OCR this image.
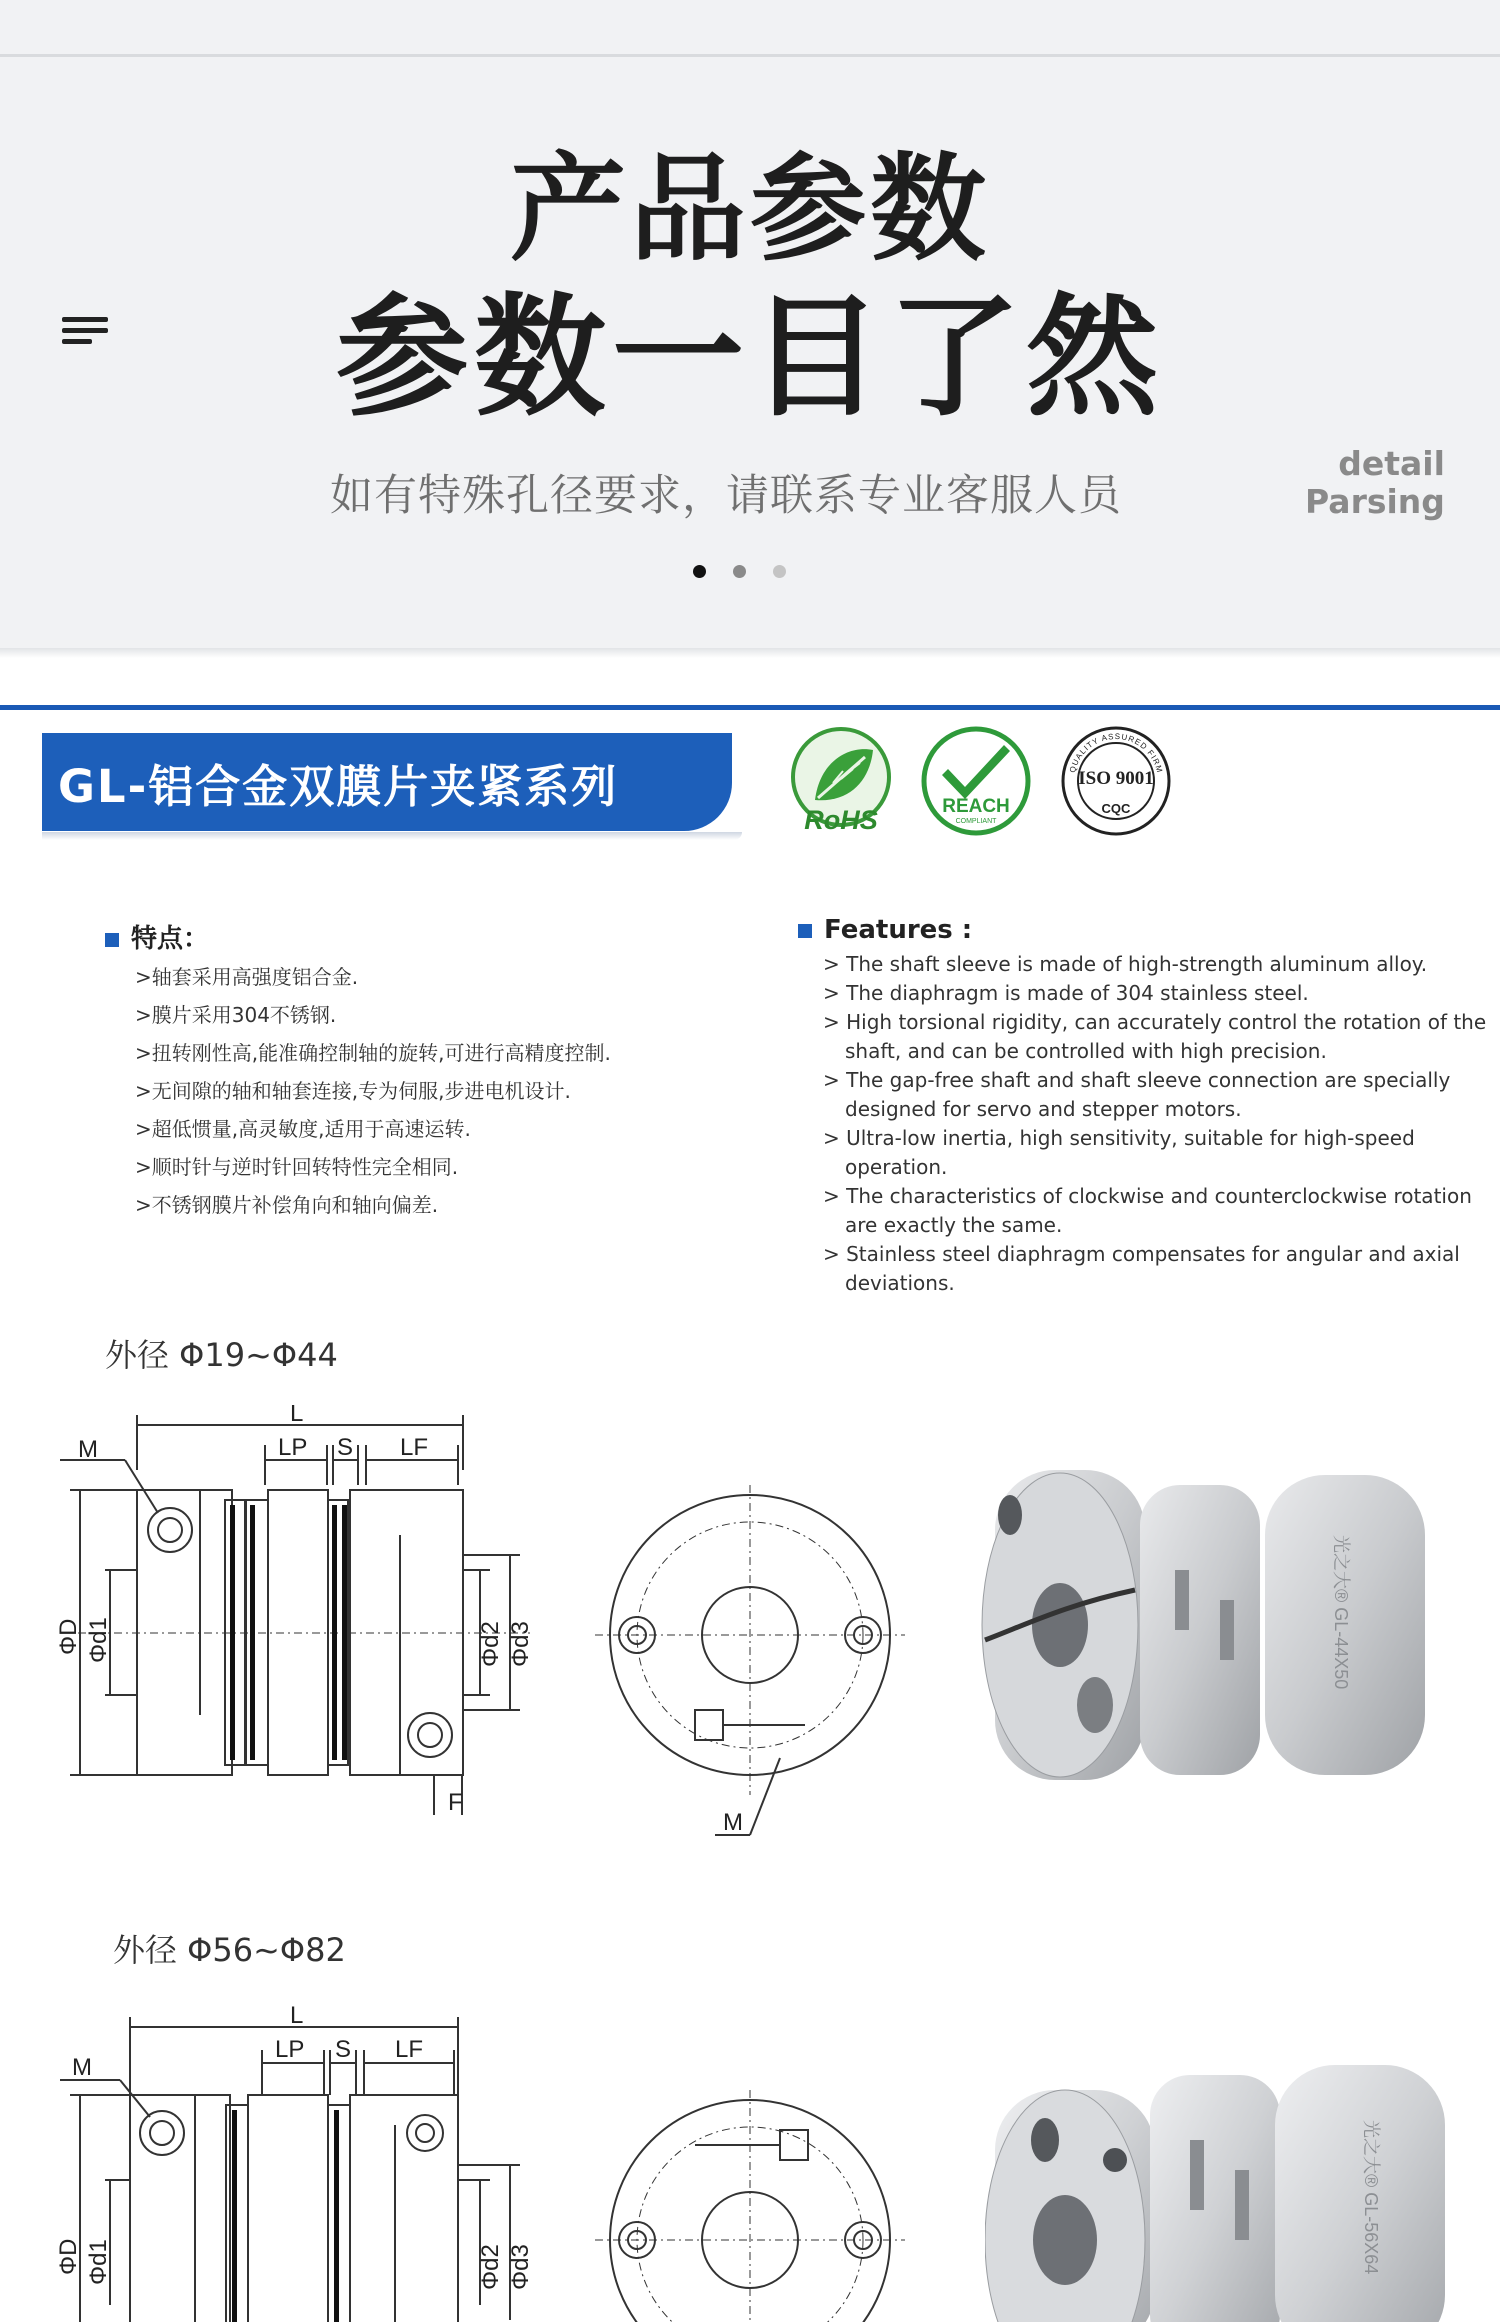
产品参数
参数一目了然
如有特殊孔径要求，请联系专业客服人员
detail
Parsing
GL-铝合金双膜片夹紧系列
RoHS	REACH
COMPLIANT
QUALITY ASSURED FIRM
ISO 9001
CQC
特点：
>轴套采用高强度铝合金.
>膜片采用304不锈钢.
>扭转刚性高,能准确控制轴的旋转,可进行高精度控制.
>无间隙的轴和轴套连接,专为伺服,步进电机设计.
>超低惯量,高灵敏度,适用于高速运转.
>顺时针与逆时针回转特性完全相同.
>不锈钢膜片补偿角向和轴向偏差.
Features :
> The shaft sleeve is made of high-strength aluminum alloy.
> The diaphragm is made of 304 stainless steel.
> High torsional rigidity, can accurately control the rotation of the shaft, and can be controlled with high precision.
> The gap-free shaft and shaft sleeve connection are specially designed for servo and stepper motors.
> Ultra-low inertia, high sensitivity, suitable for high-speed operation.
> The characteristics of clockwise and counterclockwise rotation are exactly the same.
> Stainless steel diaphragm compensates for angular and axial deviations.
外径 Φ19~Φ44
L
LP S LF
M
F
ΦD Φd1	Φd2 Φd3
M
光之大® GL-44X50
外径 Φ56~Φ82
L
LP S LF
M
ΦD Φd1	Φd2 Φd3	光之大® GL-56X64
